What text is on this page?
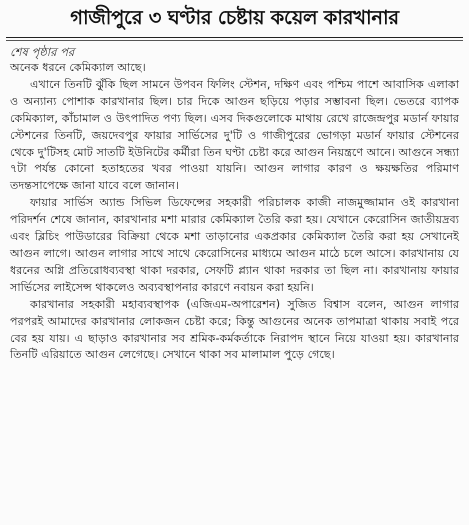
গাজীপুরে ৩ ঘণ্টার চেষ্টায় কয়েল কারখানার
শেষ পৃষ্ঠার পর

অনেক ধরনে কেমিক্যাল আছে।

এখানে তিনটি ঝুঁকি ছিল সামনে উপবন ফিলিং স্টেশন, দক্ষিণ এবং পশ্চিম পাশে আবাসিক এলাকা ও অন্যান্য পোশাক কারখানার ছিল। চার দিকে আগুন ছড়িয়ে পড়ার সম্ভাবনা ছিল। ভেতরে ব্যাপক কেমিক্যাল, কাঁচামাল ও উৎপাদিত পণ্য ছিল। এসব দিকগুলোকে মাথায় রেখে রাজেন্দ্রপুর মডার্ন ফায়ার স্টেশনের তিনটি, জয়দেবপুর ফায়ার সার্ভিসের দু'টি ও গাজীপুরের ভোগড়া মডার্ন ফায়ার স্টেশনের থেকে দু'টিসহ মোট সাতটি ইউনিটের কর্মীরা তিন ঘণ্টা চেষ্টা করে আগুন নিয়ন্ত্রণে আনে। আগুনে সন্ধ্যা ৭টা পর্যন্ত কোনো হতাহতের খবর পাওয়া যায়নি। আগুন লাগার কারণ ও ক্ষয়ক্ষতির পরিমাণ তদন্তসাপেক্ষে জানা যাবে বলে জানান।

ফায়ার সার্ভিস অ্যান্ড সিভিল ডিফেন্সের সহকারী পরিচালক কাজী নাজমুজ্জামান ওই কারখানা পরিদর্শন শেষে জানান, কারখানার মশা মারার কেমিক্যাল তৈরি করা হয়। যেখানে কেরোসিন জাতীয়দ্রব্য এবং ব্লিচিং পাউডারের বিক্রিয়া থেকে মশা তাড়ানোর একপ্রকার কেমিক্যাল তৈরি করা হয় সেখানেই আগুন লাগে। আগুন লাগার সাথে সাথে কেরোসিনের মাধ্যমে আগুন মাঠে চলে আসে। কারখানায় যে ধরনের অগ্নি প্রতিরোধব্যবস্থা থাকা দরকার, সেফটি প্ল্যান থাকা দরকার তা ছিল না। কারখানায় ফায়ার সার্ভিসের লাইসেন্স থাকলেও অব্যবস্থাপনার কারণে নবায়ন করা হয়নি।

কারখানার সহকারী মহাব্যবস্থাপক (এজিএম-অপারেশন) সুজিত বিশ্বাস বলেন, আগুন লাগার পরপরই আমাদের কারখানার লোকজন চেষ্টা করে; কিন্তু আগুনের অনেক তাপমাত্রা থাকায় সবাই পরে বের হয় যায়। এ ছাড়াও কারখানার সব শ্রমিক-কর্মকর্তাকে নিরাপদ স্থানে নিয়ে যাওয়া হয়। কারখানার তিনটি এরিয়াতে আগুন লেগেছে। সেখানে থাকা সব মালামাল পুড়ে গেছে।
